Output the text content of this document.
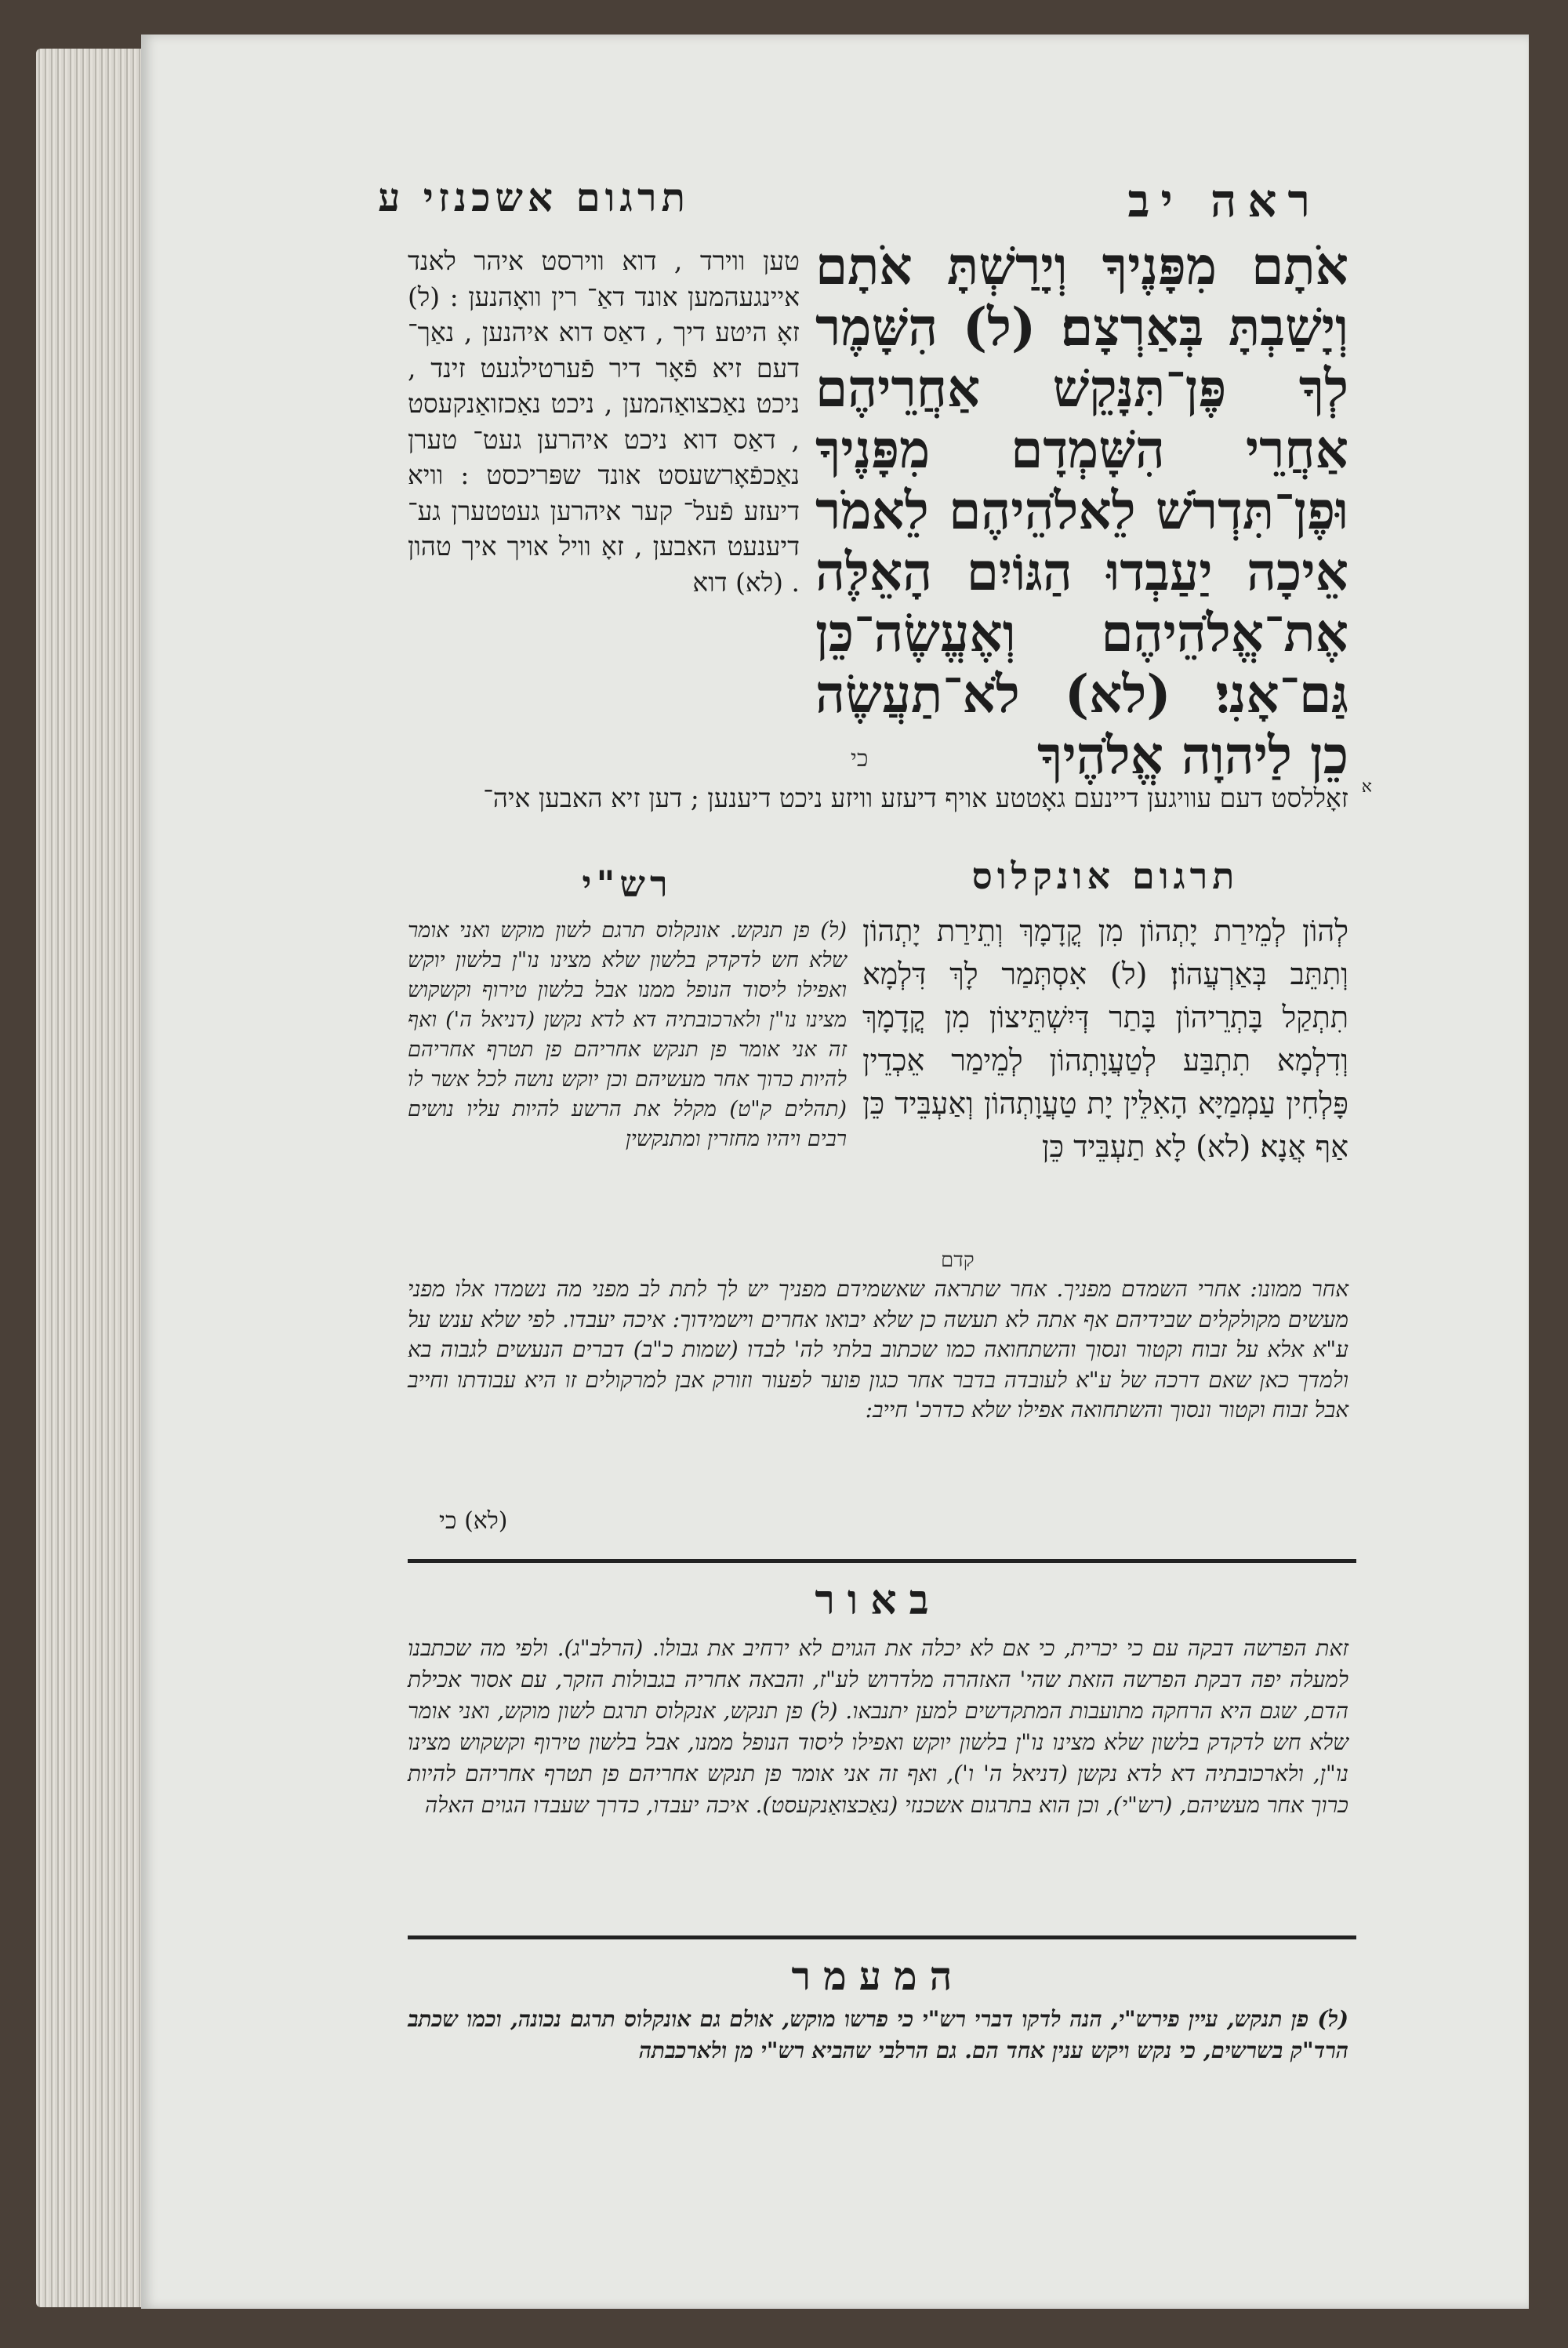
תרגום אשכנזי ע	ראה יב
אֹתָם מִפָּנֶיךָ וְיָרַשְׁתָּ אֹתָם וְיָשַׁבְתָּ בְּאַרְצָם׃ (ל) הִשָּׁמֶר לְךָ פֶּן־תִּנָּקֵשׁ אַחֲרֵיהֶם אַחֲרֵי הִשָּׁמְדָם מִפָּנֶיךָ וּפֶן־תִּדְרֹשׁ לֵאלֹהֵיהֶם לֵאמֹר אֵיכָה יַעַבְדוּ הַגּוֹיִם הָאֵלֶּה אֶת־אֱלֹהֵיהֶם וְאֶעֱשֶׂה־כֵּן גַּם־אָנִי׃ (לא) לֹא־תַעֲשֶׂה כֵן לַיהוָה אֱלֹהֶיךָ
כי
טען ווירד , דוא ווירסט איהר לאנד איינגעהמען אונד דאַ־ רין וואָהנען : (ל) זאָ היטע דיך , דאַס דוא איהנען , נאַך־ דעם זיא פֿאָר דיר פֿערטילגעט זינד , ניכט נאַכצואַהמען , ניכט נאַכזואַנקעסט , דאַס דוא ניכט איהרען געט־ טערן נאַכפֿאָרשעסט אונד שפּריכסט : וויא דיעזע פֿעל־ קער איהרען געטטערן גע־ דיענעט האבען , זאָ וויל אויך איך טהון . (לא) דוא
זאָללסט דעם עוויגען דיינעם גאָטטע אויף דיעזע וויזע ניכט דיענען ; דען זיא האבען איה־
תרגום אונקלוס
רש"י
לְהוֹן לְמֵירַת יָתְהוֹן מִן קֳדָמָךְ וְתֵירַת יָתְהוֹן וְתִתֵּב בְּאַרְעֲהוֹן׃ (ל) אִסְתְּמַר לָךְ דִּלְמָא תִתְקַל בָּתְרֵיהוֹן בָּתַר דְּיִשְׁתֵּיצוֹן מִן קֳדָמָךְ וְדִלְמָא תִתְבַּע לְטַעֲוָתְהוֹן לְמֵימַר אֵכְדֵין פָּלְחִין עַמְמַיָּא הָאִלֵּין יָת טַעֲוָתְהוֹן וְאַעְבֵּיד כֵּן אַף אֲנָא׃ (לא) לָא תַעְבֵּיד כֵּן
קדם
(ל) פן תנקש. אונקלוס תרגם לשון מוקש ואני אומר שלא חש לדקדק בלשון שלא מצינו נו"ן בלשון יוקש ואפילו ליסוד הנופל ממנו אבל בלשון טירוף וקשקוש מצינו נו"ן ולארכובתיה דא לדא נקשן (דניאל ה') ואף זה אני אומר פן תנקש אחריהם פן תטרף אחריהם להיות כרוך אחר מעשיהם וכן יוקש נושה לכל אשר לו (תהלים ק"ט) מקלל את הרשע להיות עליו נושים רבים ויהיו מחזרין ומתנקשין
אחר ממונו: אחרי השמדם מפניך. אחר שתראה שאשמידם מפניך יש לך לתת לב מפני מה נשמדו אלו מפני מעשים מקולקלים שבידיהם אף אתה לא תעשה כן שלא יבואו אחרים וישמידוך: איכה יעבדו. לפי שלא ענש על ע"א אלא על זבוח וקטור ונסוך והשתחואה כמו שכתוב בלתי לה' לבדו (שמות כ"ב) דברים הנעשים לגבוה בא ולמדך כאן שאם דרכה של ע"א לעובדה בדבר אחר כגון פוער לפעור וזורק אבן למרקולים זו היא עבודתו וחייב אבל זבוח וקטור ונסוך והשתחואה אפילו שלא כדרכ' חייב:
(לא) כי
באור
זאת הפרשה דבקה עם כי יכרית, כי אם לא יכלה את הגוים לא ירחיב את גבולו. (הרלב"ג). ולפי מה שכתבנו למעלה יפה דבקת הפרשה הזאת שהי' האזהרה מלדרוש לע"ז, והבאה אחריה בגבולות הזקר, עם אסור אכילת הדם, שגם היא הרחקה מתועבות המתקדשים למען יתנבאו. (ל) פן תנקש, אנקלוס תרגם לשון מוקש, ואני אומר שלא חש לדקדק בלשון שלא מצינו נו"ן בלשון יוקש ואפילו ליסוד הנופל ממנו, אבל בלשון טירוף וקשקוש מצינו נו"ן, ולארכובתיה דא לדא נקשן (דניאל ה' ו'), ואף זה אני אומר פן תנקש אחריהם פן תטרף אחריהם להיות כרוך אחר מעשיהם, (רש"י), וכן הוא בתרגום אשכנזי (נאַכצואַנקעסט). איכה יעבדו, כדרך שעבדו הגוים האלה
המעמר
(ל) פן תנקש, עיין פירש"י, הנה לדקו דברי רש"י כי פרשו מוקש, אולם גם אונקלוס תרגם נכונה, וכמו שכתב הרד"ק בשרשים, כי נקש ויקש ענין אחד הם. גם הרלבי שהביא רש"י מן ולארכבתה
א
